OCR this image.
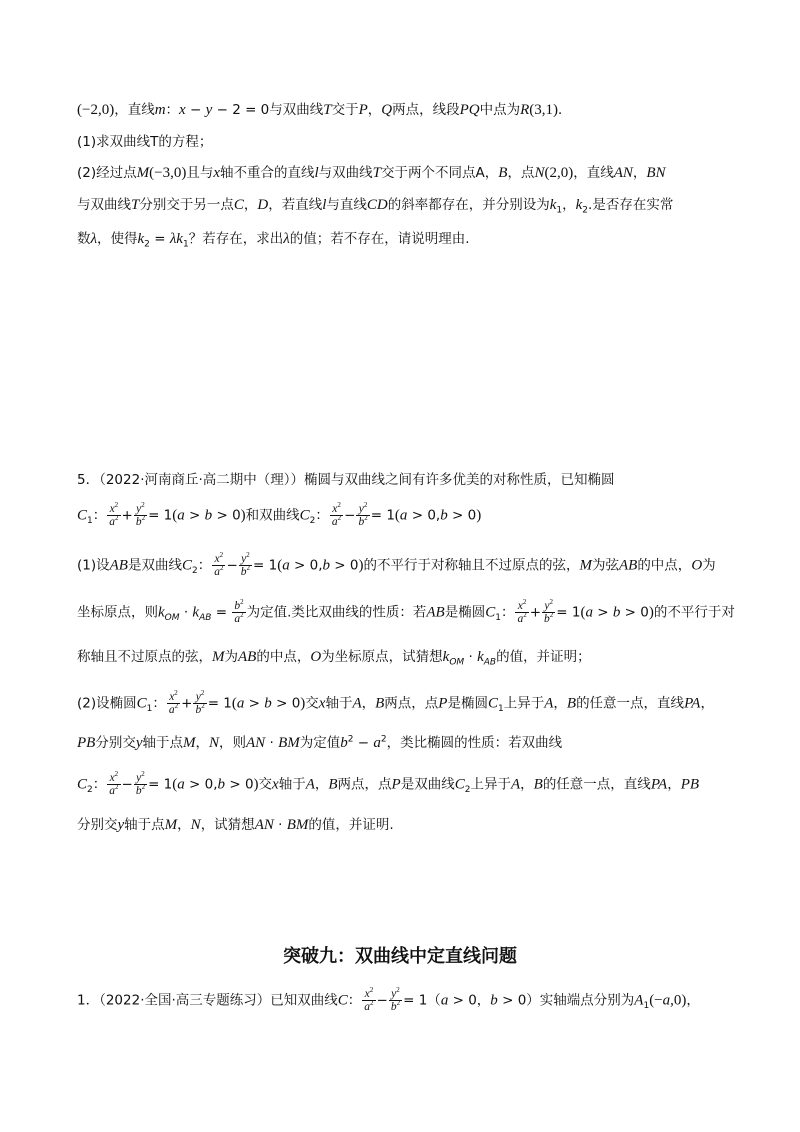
(−2,0)，直线m：x − y − 2 = 0与双曲线T交于P，Q两点，线段PQ中点为R(3,1)．
(1)求双曲线T的方程；
(2)经过点M(−3,0)且与x轴不重合的直线l与双曲线T交于两个不同点A，B，点N(2,0)，直线AN，BN
与双曲线T分别交于另一点C，D，若直线l与直线CD的斜率都存在，并分别设为$k_1$，$k_2$.是否存在实常
数λ，使得$k_2 = \lambda k_1$？若存在，求出λ的值；若不存在，请说明理由.
5．（2022·河南商丘·高二期中（理））椭圆与双曲线之间有许多优美的对称性质，已知椭圆
$C_1$： $\frac{x^2}{a^2} + \frac{y^2}{b^2} = 1(a > b > 0)$和双曲线$C_2$： $\frac{x^2}{a^2} - \frac{y^2}{b^2} = 1(a > 0,b > 0)$
(1)设AB是双曲线$C_2$： $\frac{x^2}{a^2} - \frac{y^2}{b^2} = 1(a > 0,b > 0)$的不平行于对称轴且不过原点的弦，M为弦AB的中点，O为
坐标原点，则$k_{OM} \cdot k_{AB} = \frac{b^2}{a^2}$ 为定值.类比双曲线的性质：若AB是椭圆$C_1$： $\frac{x^2}{a^2} + \frac{y^2}{b^2} = 1(a > b > 0)$的不平行于对
称轴且不过原点的弦，M为AB的中点，O为坐标原点，试猜想$k_{OM} \cdot k_{AB}$的值，并证明；
(2)设椭圆$C_1$： $\frac{x^2}{a^2} + \frac{y^2}{b^2} = 1(a > b > 0)$交x轴于A，B两点，点P是椭圆$C_1$上异于A，B的任意一点，直线PA，
PB分别交y轴于点M，N，则AN · BM为定值$b^2 - a^2$，类比椭圆的性质：若双曲线
$C_2$： $\frac{x^2}{a^2} - \frac{y^2}{b^2} = 1(a > 0,b > 0)$交x轴于A，B两点，点P是双曲线$C_2$上异于A，B的任意一点，直线PA，PB
分别交y轴于点M，N，试猜想AN · BM的值，并证明.
突破九：双曲线中定直线问题
1．（2022·全国·高三专题练习）已知双曲线C： $\frac{x^2}{a^2} - \frac{y^2}{b^2} = 1(a > 0$，b > 0）实轴端点分别为$A_1(-a,0)$，
